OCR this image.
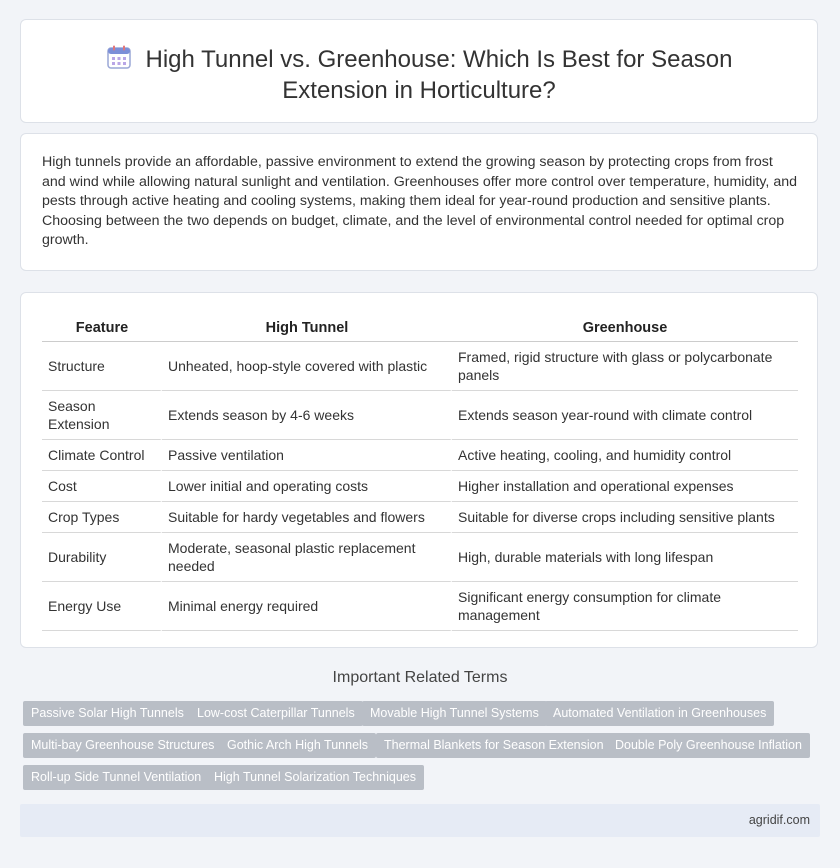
High Tunnel vs. Greenhouse: Which Is Best for Season Extension in Horticulture?

High tunnels provide an affordable, passive environment to extend the growing season by protecting crops from frost and wind while allowing natural sunlight and ventilation. Greenhouses offer more control over temperature, humidity, and pests through active heating and cooling systems, making them ideal for year-round production and sensitive plants. Choosing between the two depends on budget, climate, and the level of environmental control needed for optimal crop growth.

Feature	High Tunnel	Greenhouse
Structure	Unheated, hoop-style covered with plastic	Framed, rigid structure with glass or polycarbonate panels
Season Extension	Extends season by 4-6 weeks	Extends season year-round with climate control
Climate Control	Passive ventilation	Active heating, cooling, and humidity control
Cost	Lower initial and operating costs	Higher installation and operational expenses
Crop Types	Suitable for hardy vegetables and flowers	Suitable for diverse crops including sensitive plants
Durability	Moderate, seasonal plastic replacement needed	High, durable materials with long lifespan
Energy Use	Minimal energy required	Significant energy consumption for climate management
Important Related Terms
Passive Solar High Tunnels	Low-cost Caterpillar Tunnels	Movable High Tunnel Systems	Automated Ventilation in Greenhouses
Multi-bay Greenhouse Structures	Gothic Arch High Tunnels	Thermal Blankets for Season Extension Double Poly Greenhouse Inflation
Roll-up Side Tunnel Ventilation	High Tunnel Solarization Techniques
agridif.com
